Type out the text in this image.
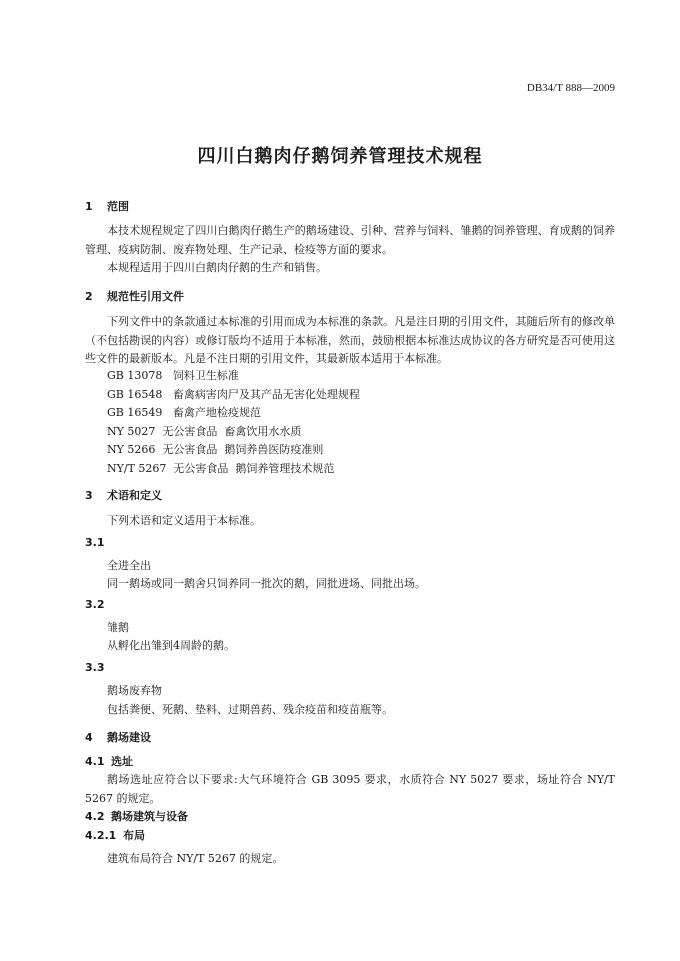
DB34/T 888—2009
四川白鹅肉仔鹅饲养管理技术规程
1 范围
本技术规程规定了四川白鹅肉仔鹅生产的鹅场建设、引种、营养与饲料、雏鹅的饲养管理、育成鹅的饲养管理、疫病防制、废弃物处理、生产记录、检疫等方面的要求。
本规程适用于四川白鹅肉仔鹅的生产和销售。
2 规范性引用文件
下列文件中的条款通过本标准的引用而成为本标准的条款。凡是注日期的引用文件，其随后所有的修改单（不包括勘误的内容）或修订版均不适用于本标准，然而，鼓励根据本标准达成协议的各方研究是否可使用这些文件的最新版本。凡是不注日期的引用文件，其最新版本适用于本标准。
GB 13078   饲料卫生标准
GB 16548   畜禽病害肉尸及其产品无害化处理规程
GB 16549   畜禽产地检疫规范
NY 5027  无公害食品  畜禽饮用水水质
NY 5266  无公害食品  鹅饲养兽医防疫准则
NY/T 5267  无公害食品  鹅饲养管理技术规范
3 术语和定义
下列术语和定义适用于本标准。
3.1
全进全出
同一鹅场或同一鹅舍只饲养同一批次的鹅，同批进场、同批出场。
3.2
雏鹅
从孵化出雏到4周龄的鹅。
3.3
鹅场废弃物
包括粪便、死鹅、垫料、过期兽药、残余疫苗和疫苗瓶等。
4 鹅场建设
4.1 选址
鹅场选址应符合以下要求:大气环境符合 GB 3095 要求，水质符合 NY 5027 要求，场址符合 NY/T 5267 的规定。
4.2 鹅场建筑与设备
4.2.1 布局
建筑布局符合 NY/T 5267 的规定。
